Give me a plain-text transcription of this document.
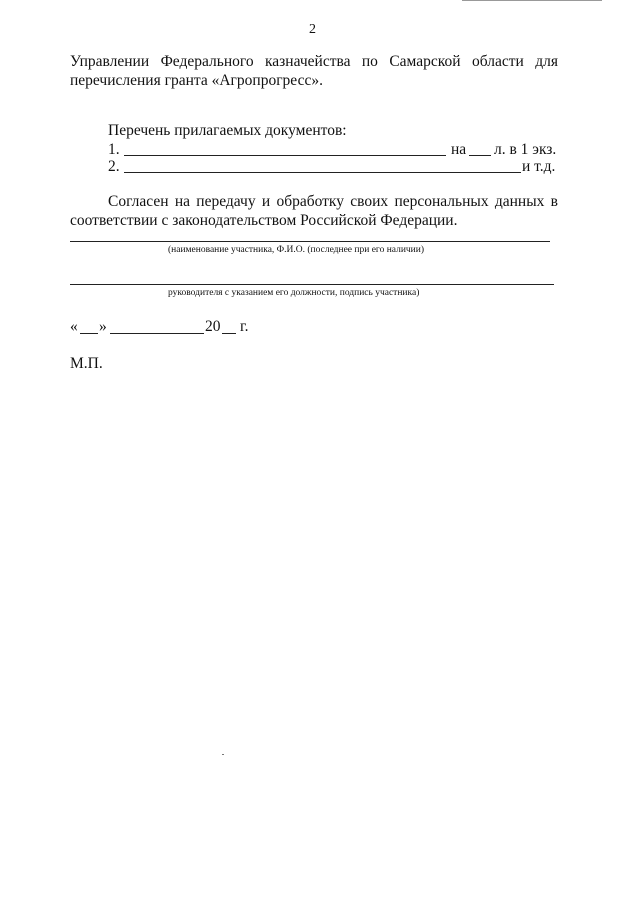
2
Управлении Федерального казначейства по Самарской области для
перечисления гранта «Агропрогресс».
Перечень прилагаемых документов:
1.	на л. в 1 экз.
2.	и т.д.
Согласен на передачу и обработку своих персональных данных в
соответствии с законодательством Российской Федерации.
(наименование участника, Ф.И.О. (последнее при его наличии)
руководителя с указанием его должности, подпись участника)
« »	20 г.
М.П.
